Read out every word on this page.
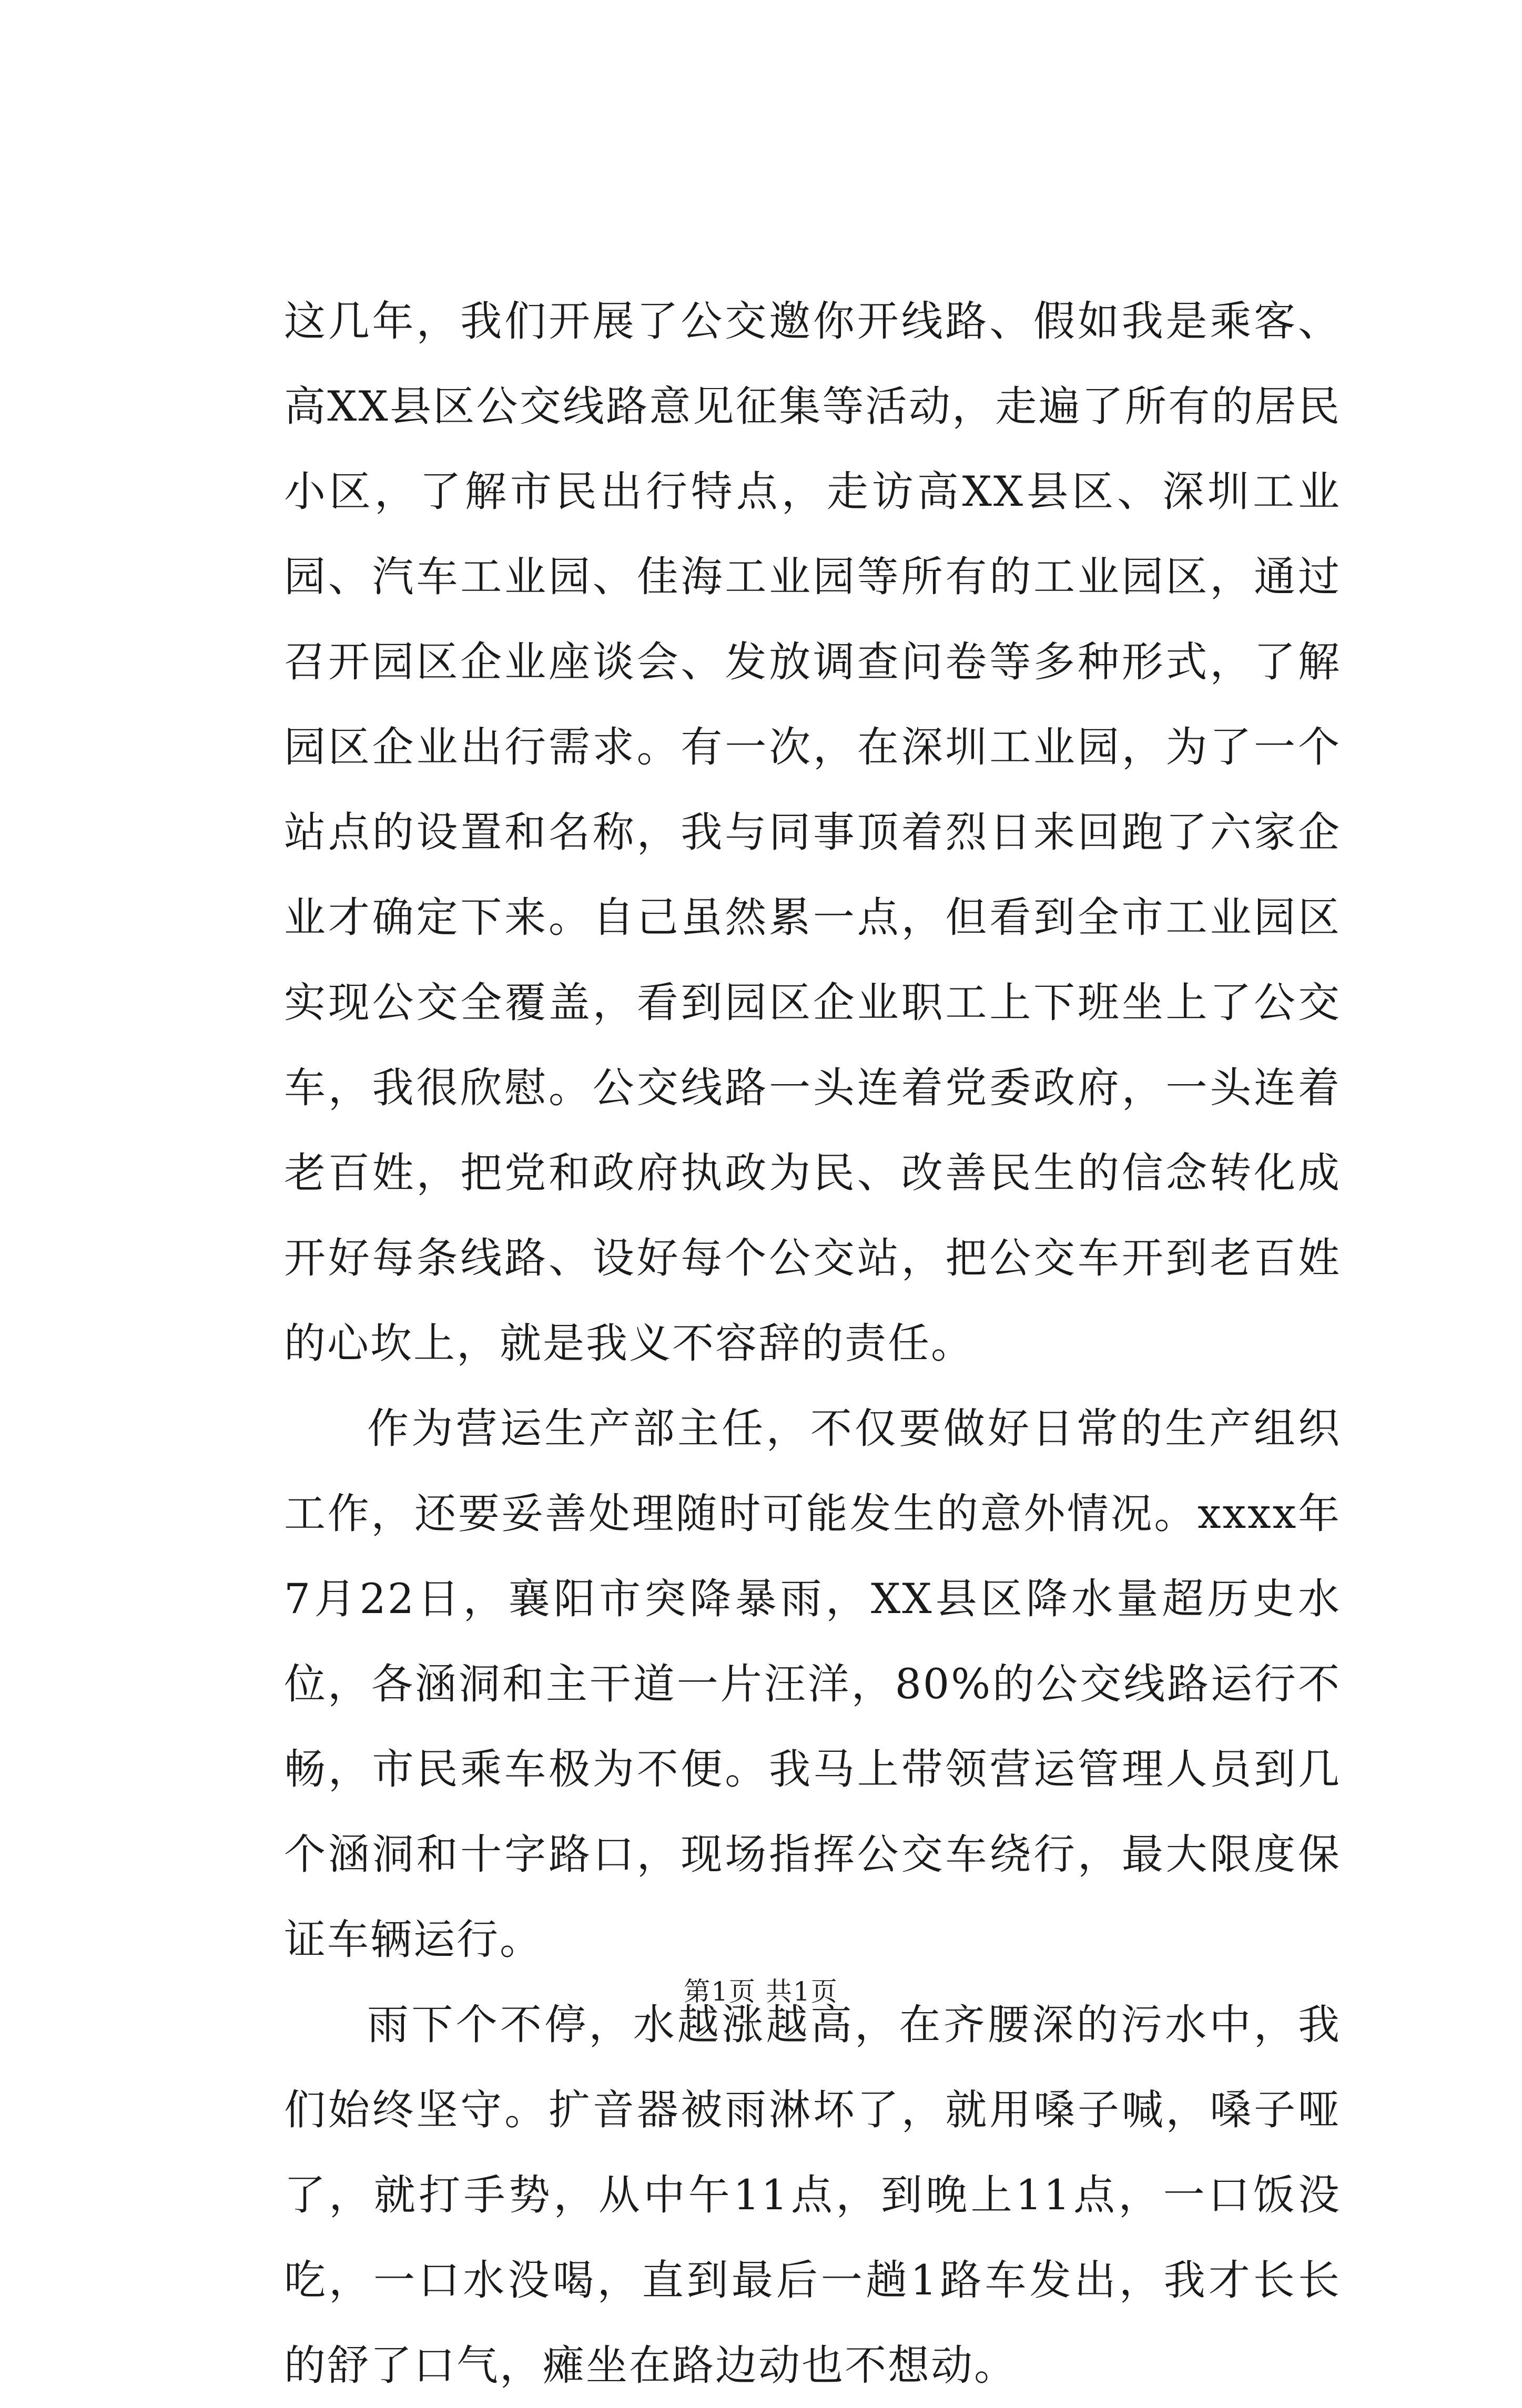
这几年，我们开展了公交邀你开线路、假如我是乘客、高XX县区公交线路意见征集等活动，走遍了所有的居民小区，了解市民出行特点，走访高XX县区、深圳工业园、汽车工业园、佳海工业园等所有的工业园区，通过召开园区企业座谈会、发放调查问卷等多种形式，了解园区企业出行需求。有一次，在深圳工业园，为了一个站点的设置和名称，我与同事顶着烈日来回跑了六家企业才确定下来。自己虽然累一点，但看到全市工业园区实现公交全覆盖，看到园区企业职工上下班坐上了公交车，我很欣慰。公交线路一头连着党委政府，一头连着老百姓，把党和政府执政为民、改善民生的信念转化成开好每条线路、设好每个公交站，把公交车开到老百姓的心坎上，就是我义不容辞的责任。

作为营运生产部主任，不仅要做好日常的生产组织工作，还要妥善处理随时可能发生的意外情况。xxxx年7月22日，襄阳市突降暴雨，XX县区降水量超历史水位，各涵洞和主干道一片汪洋，80%的公交线路运行不畅，市民乘车极为不便。我马上带领营运管理人员到几个涵洞和十字路口，现场指挥公交车绕行，最大限度保证车辆运行。

雨下个不停，水越涨越高，在齐腰深的污水中，我们始终坚守。扩音器被雨淋坏了，就用嗓子喊，嗓子哑了，就打手势，从中午11点，到晚上11点，一口饭没吃，一口水没喝，直到最后一趟1路车发出，我才长长的舒了口气，瘫坐在路边动也不想动。

第1页 共1页
